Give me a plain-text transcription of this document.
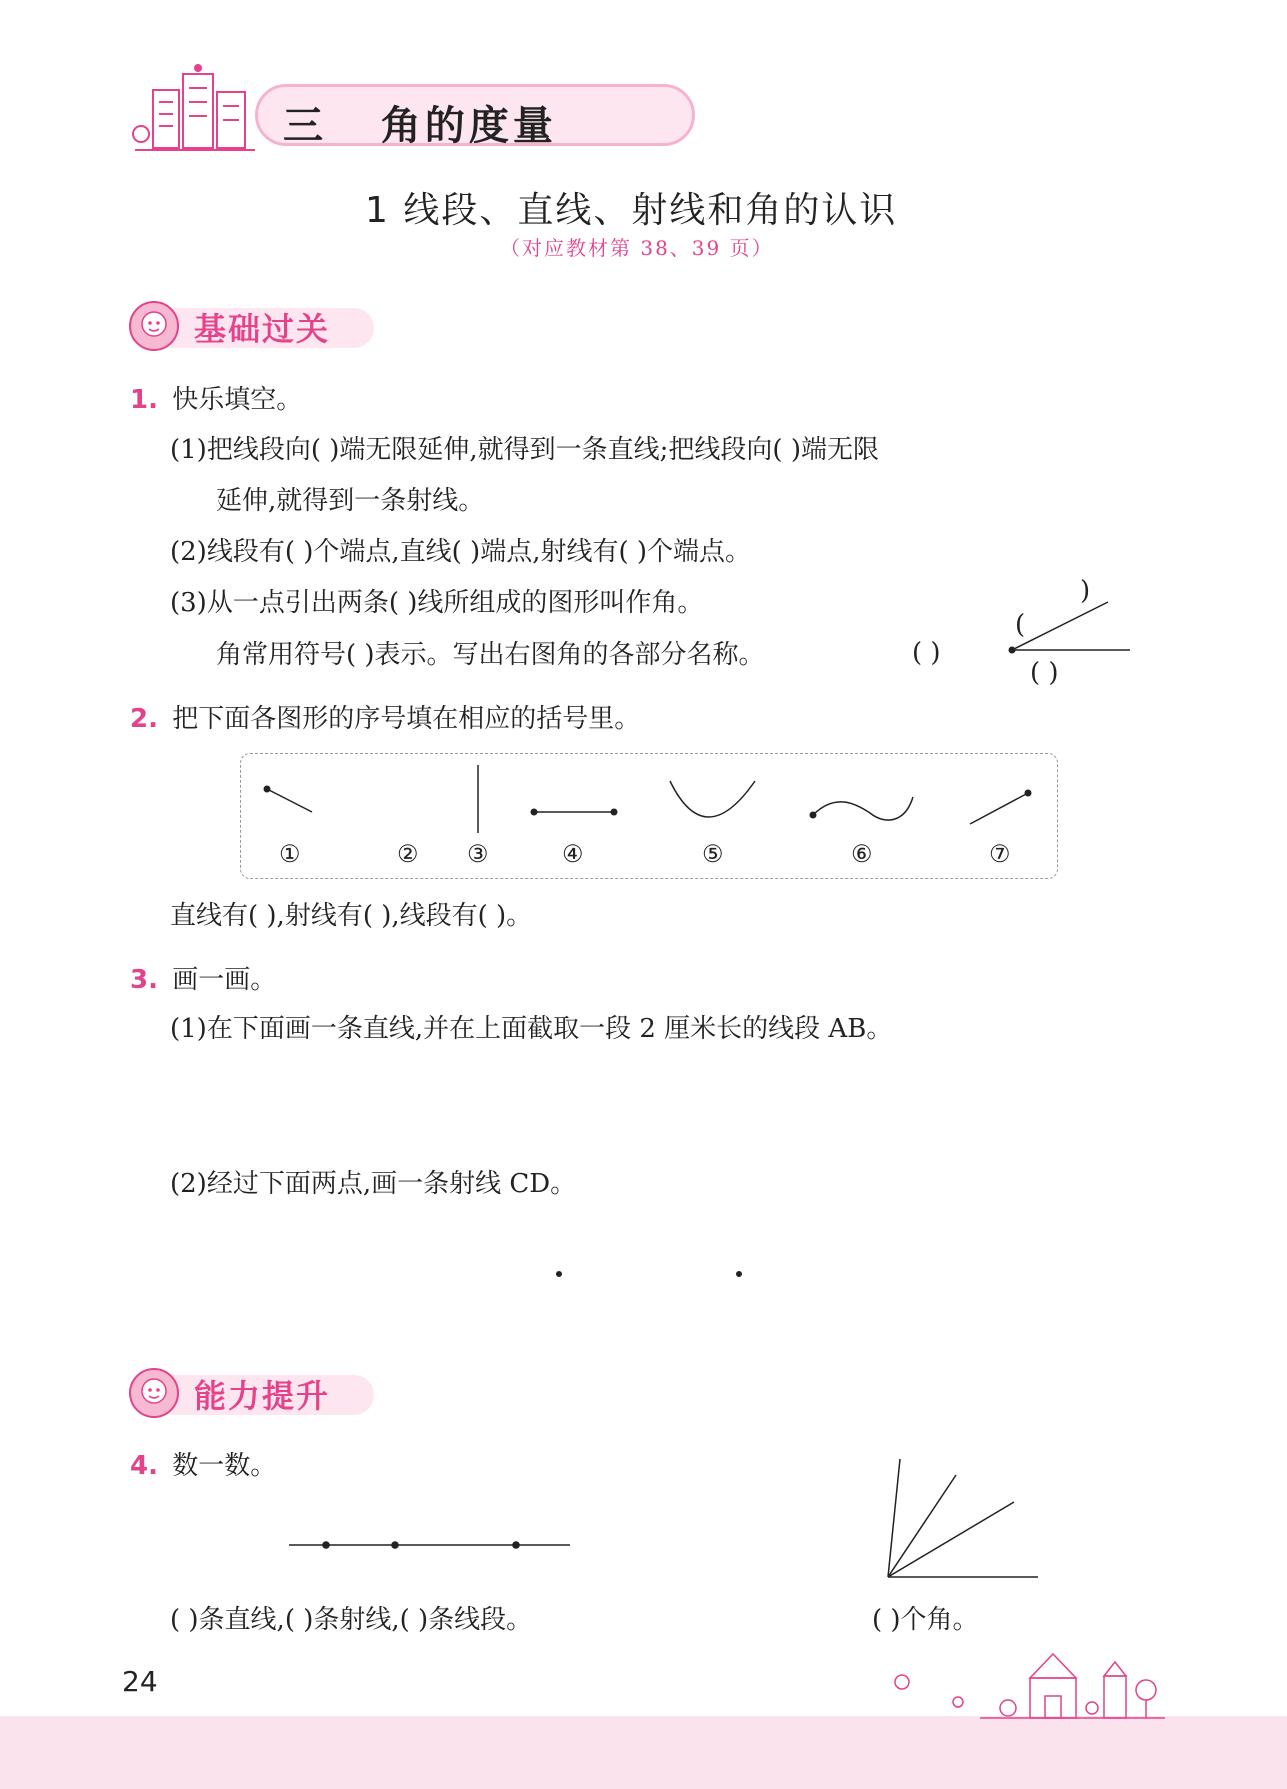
三 角的度量
1 线段、直线、射线和角的认识
（对应教材第 38、39 页）
基础过关
1. 快乐填空。
(1)把线段向( )端无限延伸,就得到一条直线;把线段向( )端无限
延伸,就得到一条射线。
(2)线段有( )个端点,直线( )端点,射线有( )个端点。
(3)从一点引出两条( )线所组成的图形叫作角。
角常用符号( )表示。写出右图角的各部分名称。
)
(
( )
( )
2. 把下面各图形的序号填在相应的括号里。
①	② ③	④	⑤	⑥	⑦
直线有( ),射线有( ),线段有( )。
3. 画一画。
(1)在下面画一条直线,并在上面截取一段 2 厘米长的线段 AB。
(2)经过下面两点,画一条射线 CD。
能力提升
4. 数一数。
( )条直线,( )条射线,( )条线段。	( )个角。
24
